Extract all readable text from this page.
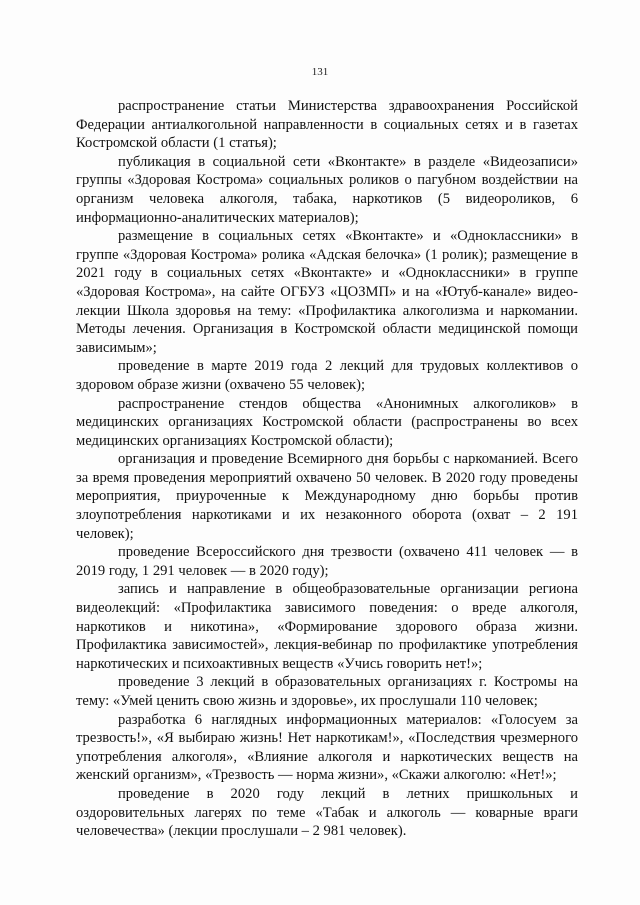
131

распространение статьи Министерства здравоохранения Российской Федерации антиалкогольной направленности в социальных сетях и в газетах Костромской области (1 статья);

публикация в социальной сети «Вконтакте» в разделе «Видеозаписи» группы «Здоровая Кострома» социальных роликов о пагубном воздействии на организм человека алкоголя, табака, наркотиков (5 видеороликов, 6 информационно-аналитических материалов);

размещение в социальных сетях «Вконтакте» и «Одноклассники» в группе «Здоровая Кострома» ролика «Адская белочка» (1 ролик); размещение в 2021 году в социальных сетях «Вконтакте» и «Одноклассники» в группе «Здоровая Кострома», на сайте ОГБУЗ «ЦОЗМП» и на «Ютуб-канале» видео-лекции Школа здоровья на тему: «Профилактика алкоголизма и наркомании. Методы лечения. Организация в Костромской области медицинской помощи зависимым»;

проведение в марте 2019 года 2 лекций для трудовых коллективов о здоровом образе жизни (охвачено 55 человек);

распространение стендов общества «Анонимных алкоголиков» в медицинских организациях Костромской области (распространены во всех медицинских организациях Костромской области);

организация и проведение Всемирного дня борьбы с наркоманией. Всего за время проведения мероприятий охвачено 50 человек. В 2020 году проведены мероприятия, приуроченные к Международному дню борьбы против злоупотребления наркотиками и их незаконного оборота (охват – 2 191 человек);

проведение Всероссийского дня трезвости (охвачено 411 человек — в 2019 году, 1 291 человек — в 2020 году);

запись и направление в общеобразовательные организации региона видеолекций: «Профилактика зависимого поведения: о вреде алкоголя, наркотиков и никотина», «Формирование здорового образа жизни. Профилактика зависимостей», лекция-вебинар по профилактике употребления наркотических и психоактивных веществ «Учись говорить нет!»;

проведение 3 лекций в образовательных организациях г. Костромы на тему: «Умей ценить свою жизнь и здоровье», их прослушали 110 человек;

разработка 6 наглядных информационных материалов: «Голосуем за трезвость!», «Я выбираю жизнь! Нет наркотикам!», «Последствия чрезмерного употребления алкоголя», «Влияние алкоголя и наркотических веществ на женский организм», «Трезвость — норма жизни», «Скажи алкоголю: «Нет!»;

проведение в 2020 году лекций в летних пришкольных и оздоровительных лагерях по теме «Табак и алкоголь — коварные враги человечества» (лекции прослушали – 2 981 человек).
